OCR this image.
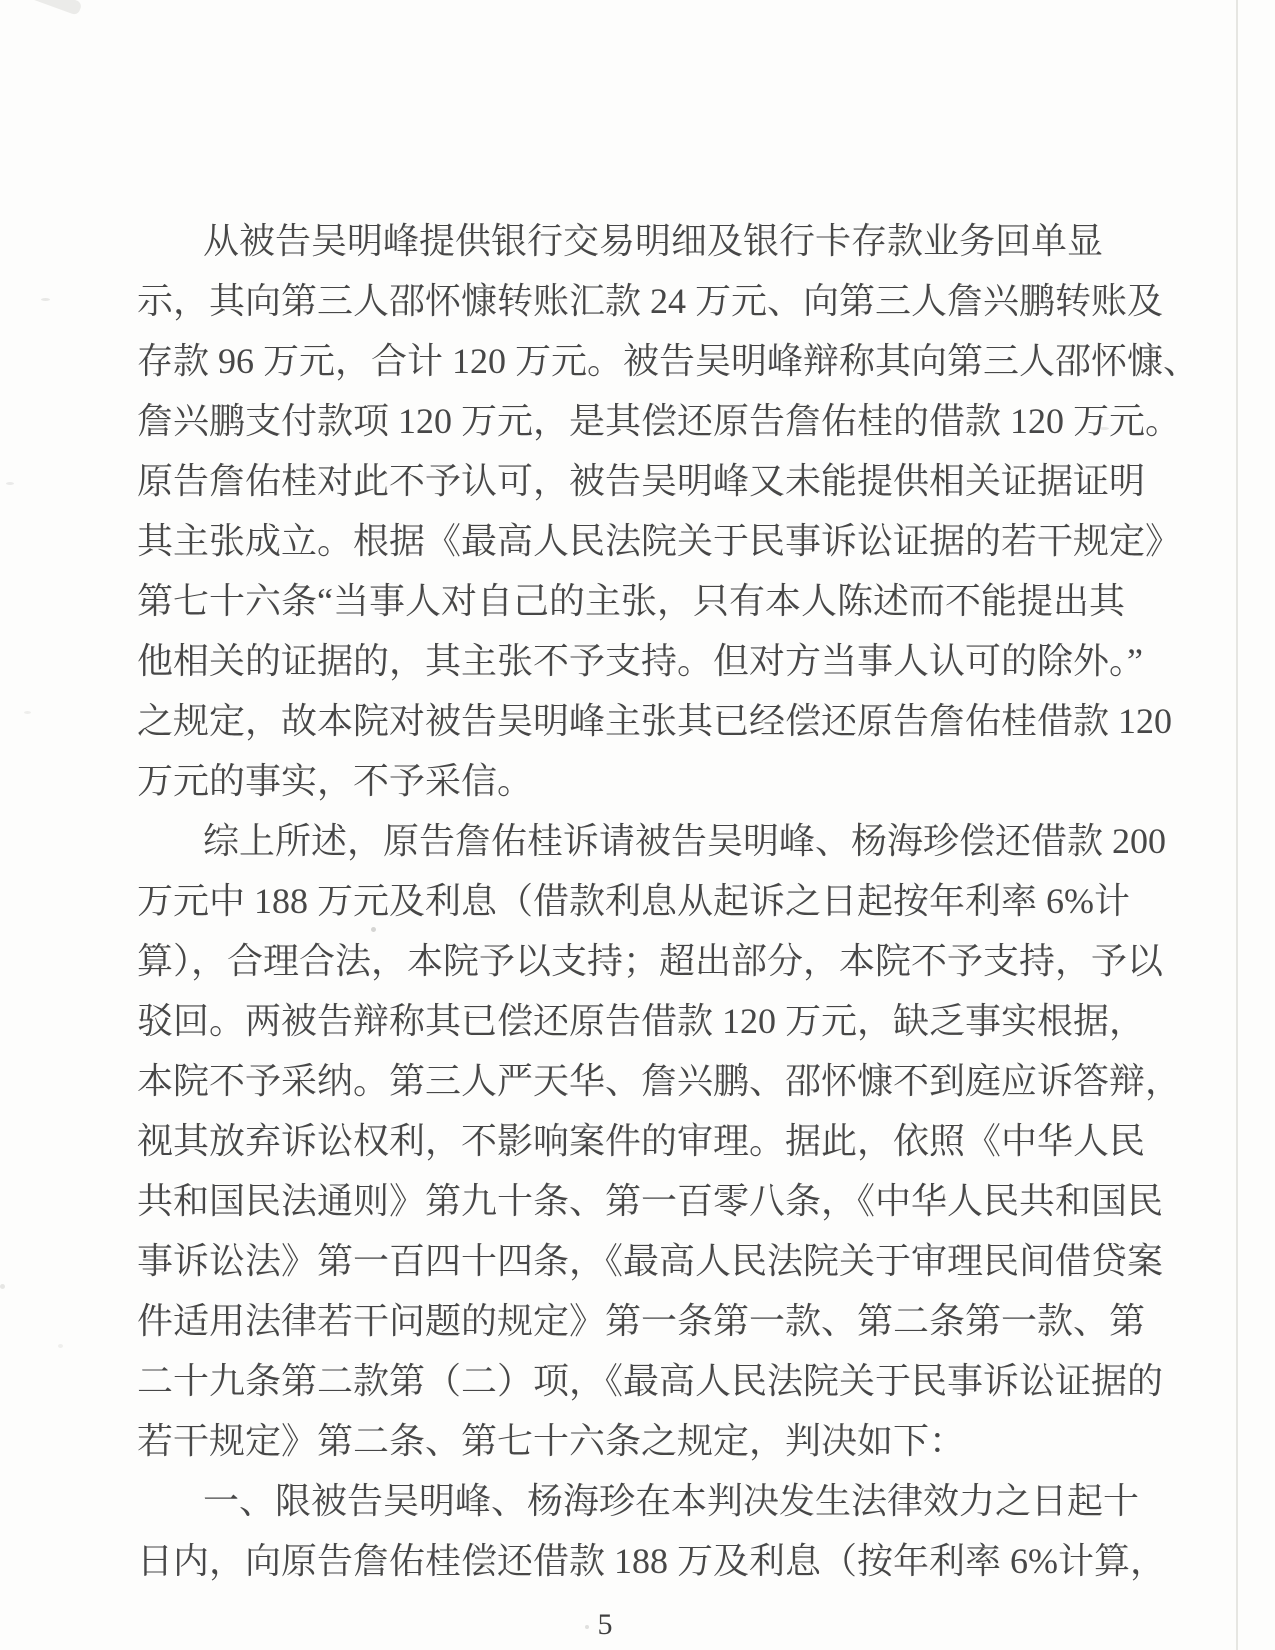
从被告吴明峰提供银行交易明细及银行卡存款业务回单显
示，其向第三人邵怀慷转账汇款 24 万元、向第三人詹兴鹏转账及
存款 96 万元，合计 120 万元。被告吴明峰辩称其向第三人邵怀慷、
詹兴鹏支付款项 120 万元，是其偿还原告詹佑桂的借款 120 万元。
原告詹佑桂对此不予认可，被告吴明峰又未能提供相关证据证明
其主张成立。根据《最高人民法院关于民事诉讼证据的若干规定》
第七十六条“当事人对自己的主张，只有本人陈述而不能提出其
他相关的证据的，其主张不予支持。但对方当事人认可的除外。”
之规定，故本院对被告吴明峰主张其已经偿还原告詹佑桂借款 120
万元的事实，不予采信。
综上所述，原告詹佑桂诉请被告吴明峰、杨海珍偿还借款 200
万元中 188 万元及利息（借款利息从起诉之日起按年利率 6%计
算），合理合法，本院予以支持；超出部分，本院不予支持，予以
驳回。两被告辩称其已偿还原告借款 120 万元，缺乏事实根据，
本院不予采纳。第三人严天华、詹兴鹏、邵怀慷不到庭应诉答辩，
视其放弃诉讼权利，不影响案件的审理。据此，依照《中华人民
共和国民法通则》第九十条、第一百零八条，《中华人民共和国民
事诉讼法》第一百四十四条，《最高人民法院关于审理民间借贷案
件适用法律若干问题的规定》第一条第一款、第二条第一款、第
二十九条第二款第（二）项，《最高人民法院关于民事诉讼证据的
若干规定》第二条、第七十六条之规定，判决如下：
一、限被告吴明峰、杨海珍在本判决发生法律效力之日起十
日内，向原告詹佑桂偿还借款 188 万及利息（按年利率 6%计算，
5
